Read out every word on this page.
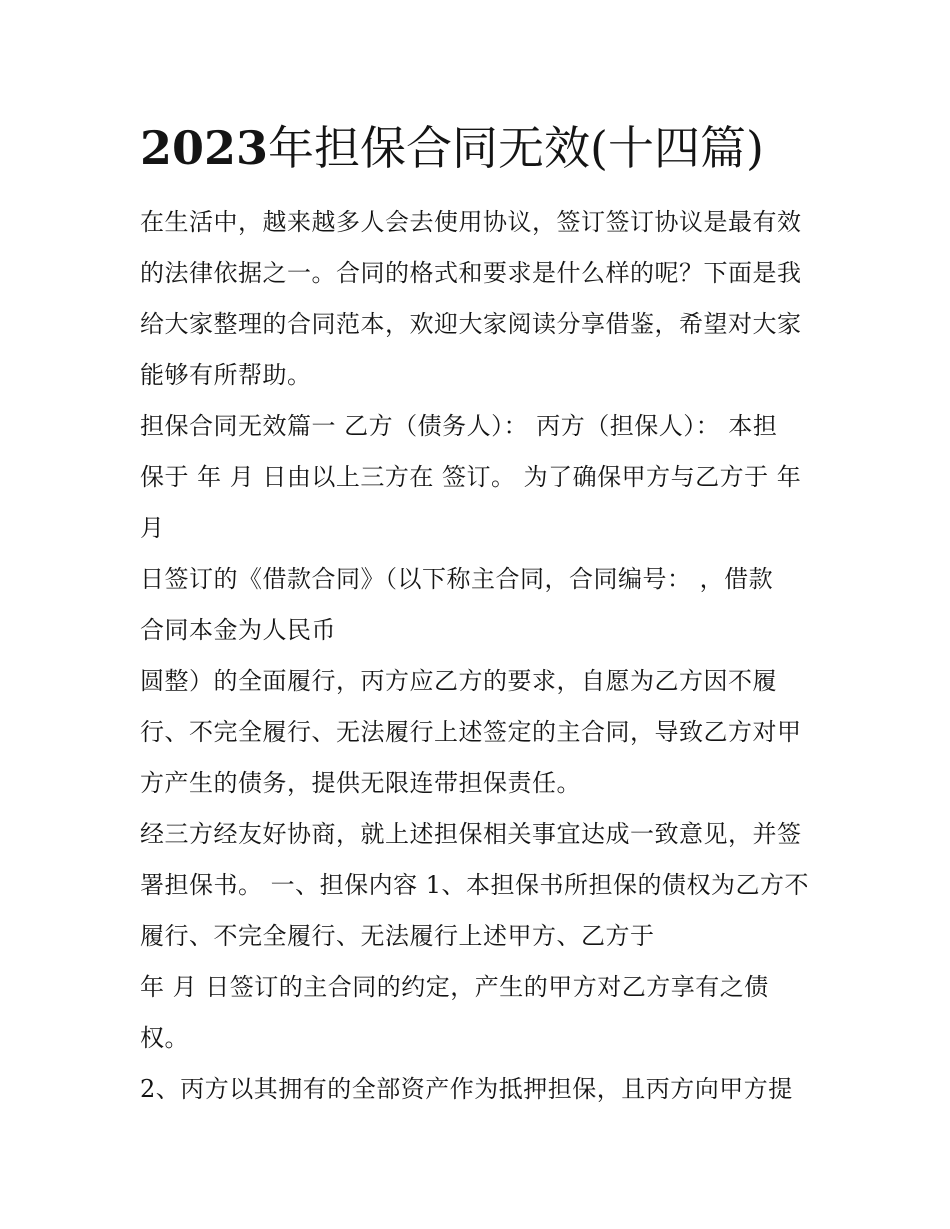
2023年担保合同无效(十四篇)
在生活中，越来越多人会去使用协议，签订签订协议是最有效
的法律依据之一。合同的格式和要求是什么样的呢？下面是我
给大家整理的合同范本，欢迎大家阅读分享借鉴，希望对大家
能够有所帮助。
担保合同无效篇一 乙方（债务人）： 丙方（担保人）： 本担
保于 年 月 日由以上三方在 签订。 为了确保甲方与乙方于 年
月
日签订的《借款合同》（以下称主合同，合同编号： ，借款
合同本金为人民币
圆整）的全面履行，丙方应乙方的要求，自愿为乙方因不履
行、不完全履行、无法履行上述签定的主合同，导致乙方对甲
方产生的债务，提供无限连带担保责任。
经三方经友好协商，就上述担保相关事宜达成一致意见，并签
署担保书。 一、担保内容 1、本担保书所担保的债权为乙方不
履行、不完全履行、无法履行上述甲方、乙方于
年 月 日签订的主合同的约定，产生的甲方对乙方享有之债
权。
2、丙方以其拥有的全部资产作为抵押担保，且丙方向甲方提
